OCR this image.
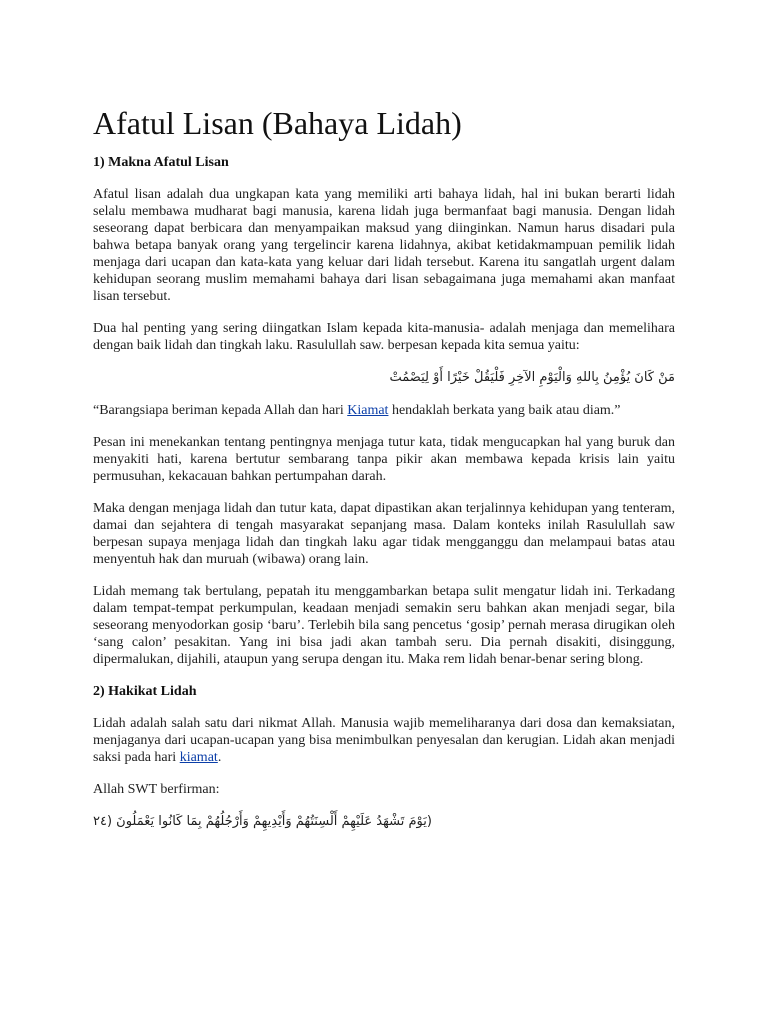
Afatul Lisan (Bahaya Lidah)
1) Makna Afatul Lisan

Afatul lisan adalah dua ungkapan kata yang memiliki arti bahaya lidah, hal ini bukan berarti lidah selalu membawa mudharat bagi manusia, karena lidah juga bermanfaat bagi manusia. Dengan lidah seseorang dapat berbicara dan menyampaikan maksud yang diinginkan. Namun harus disadari pula bahwa betapa banyak orang yang tergelincir karena lidahnya, akibat ketidakmampuan pemilik lidah menjaga dari ucapan dan kata-kata yang keluar dari lidah tersebut. Karena itu sangatlah urgent dalam kehidupan seorang muslim memahami bahaya dari lisan sebagaimana juga memahami akan manfaat lisan tersebut.

Dua hal penting yang sering diingatkan Islam kepada kita-manusia- adalah menjaga dan memelihara dengan baik lidah dan tingkah laku. Rasulullah saw. berpesan kepada kita semua yaitu:

مَنْ كَانَ يُؤْمِنُ بِاللهِ وَالْيَوْمِ الآخِرِ فَلْيَقُلْ خَيْرًا أَوْ لِيَصْمُتْ

“Barangsiapa beriman kepada Allah dan hari Kiamat hendaklah berkata yang baik atau diam.”

Pesan ini menekankan tentang pentingnya menjaga tutur kata, tidak mengucapkan hal yang buruk dan menyakiti hati, karena bertutur sembarang tanpa pikir akan membawa kepada krisis lain yaitu permusuhan, kekacauan bahkan pertumpahan darah.

Maka dengan menjaga lidah dan tutur kata, dapat dipastikan akan terjalinnya kehidupan yang tenteram, damai dan sejahtera di tengah masyarakat sepanjang masa. Dalam konteks inilah Rasulullah saw berpesan supaya menjaga lidah dan tingkah laku agar tidak mengganggu dan melampaui batas atau menyentuh hak dan muruah (wibawa) orang lain.

Lidah memang tak bertulang, pepatah itu menggambarkan betapa sulit mengatur lidah ini. Terkadang dalam tempat-tempat perkumpulan, keadaan menjadi semakin seru bahkan akan menjadi segar, bila seseorang menyodorkan gosip ‘baru’. Terlebih bila sang pencetus ‘gosip’ pernah merasa dirugikan oleh ‘sang calon’ pesakitan. Yang ini bisa jadi akan tambah seru. Dia pernah disakiti, disinggung, dipermalukan, dijahili, ataupun yang serupa dengan itu. Maka rem lidah benar-benar sering blong.

2) Hakikat Lidah

Lidah adalah salah satu dari nikmat Allah. Manusia wajib memeliharanya dari dosa dan kemaksiatan, menjaganya dari ucapan-ucapan yang bisa menimbulkan penyesalan dan kerugian. Lidah akan menjadi saksi pada hari kiamat.

Allah SWT berfirman:

(يَوْمَ تَشْهَدُ عَلَيْهِمْ أَلْسِنَتُهُمْ وَأَيْدِيهِمْ وَأَرْجُلُهُمْ بِمَا كَانُوا يَعْمَلُونَ (٢٤
